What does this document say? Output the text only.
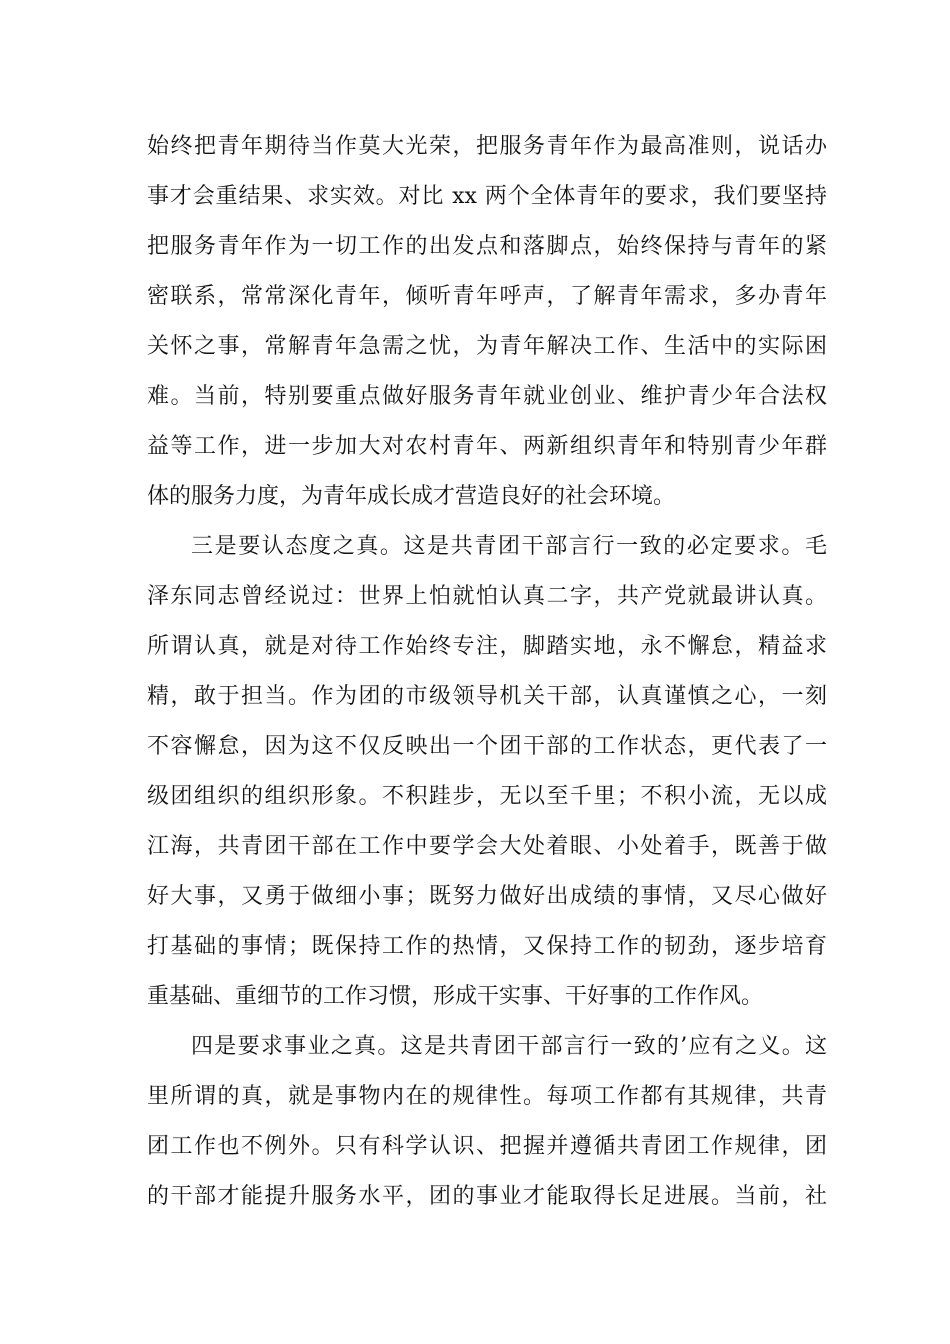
始终把青年期待当作莫大光荣，把服务青年作为最高准则，说话办
事才会重结果、求实效。对比 xx 两个全体青年的要求，我们要坚持
把服务青年作为一切工作的出发点和落脚点，始终保持与青年的紧
密联系，常常深化青年，倾听青年呼声，了解青年需求，多办青年
关怀之事，常解青年急需之忧，为青年解决工作、生活中的实际困
难。当前，特别要重点做好服务青年就业创业、维护青少年合法权
益等工作，进一步加大对农村青年、两新组织青年和特别青少年群
体的服务力度，为青年成长成才营造良好的社会环境。
三是要认态度之真。这是共青团干部言行一致的必定要求。毛
泽东同志曾经说过：世界上怕就怕认真二字，共产党就最讲认真。
所谓认真，就是对待工作始终专注，脚踏实地，永不懈怠，精益求
精，敢于担当。作为团的市级领导机关干部，认真谨慎之心，一刻
不容懈怠，因为这不仅反映出一个团干部的工作状态，更代表了一
级团组织的组织形象。不积跬步，无以至千里；不积小流，无以成
江海，共青团干部在工作中要学会大处着眼、小处着手，既善于做
好大事，又勇于做细小事；既努力做好出成绩的事情，又尽心做好
打基础的事情；既保持工作的热情，又保持工作的韧劲，逐步培育
重基础、重细节的工作习惯，形成干实事、干好事的工作作风。
四是要求事业之真。这是共青团干部言行一致的’应有之义。这
里所谓的真，就是事物内在的规律性。每项工作都有其规律，共青
团工作也不例外。只有科学认识、把握并遵循共青团工作规律，团
的干部才能提升服务水平，团的事业才能取得长足进展。当前，社
